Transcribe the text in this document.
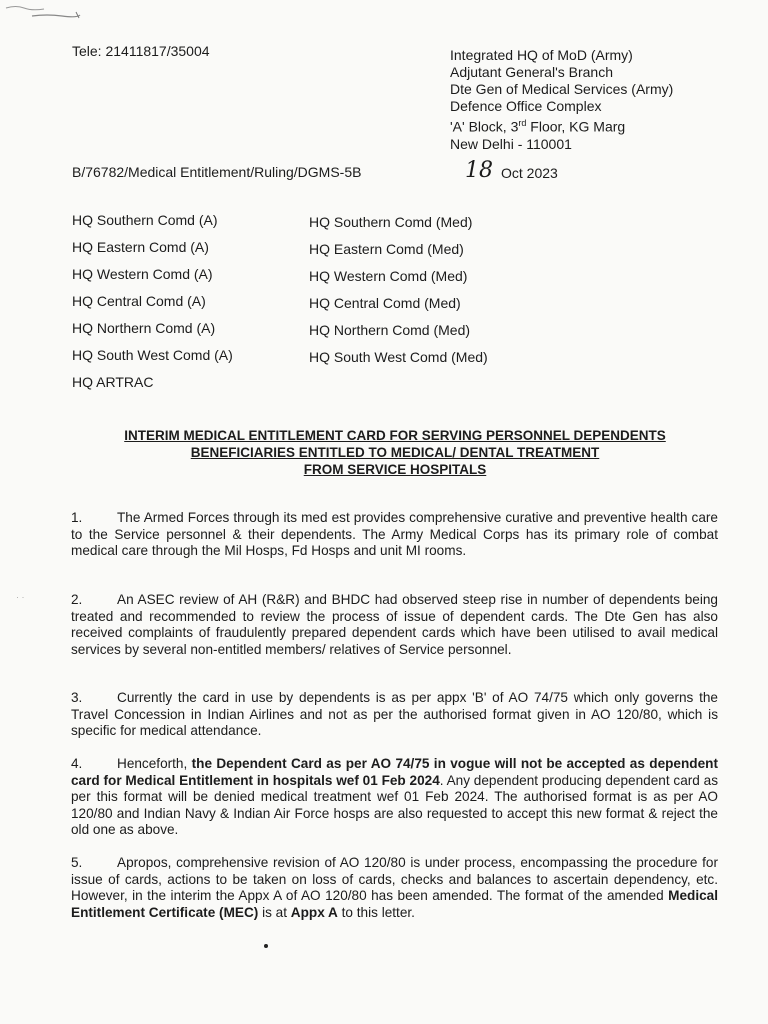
Tele: 21411817/35004	Integrated HQ of MoD (Army)
Adjutant General's Branch
Dte Gen of Medical Services (Army)
Defence Office Complex
'A' Block, 3rd Floor, KG Marg
New Delhi - 110001
B/76782/Medical Entitlement/Ruling/DGMS-5B	18 Oct 2023
HQ Southern Comd (A)
HQ Eastern Comd (A)
HQ Western Comd (A)
HQ Central Comd (A)
HQ Northern Comd (A)
HQ South West Comd (A)
HQ ARTRAC
HQ Southern Comd (Med)
HQ Eastern Comd (Med)
HQ Western Comd (Med)
HQ Central Comd (Med)
HQ Northern Comd (Med)
HQ South West Comd (Med)
INTERIM MEDICAL ENTITLEMENT CARD FOR SERVING PERSONNEL DEPENDENTS
BENEFICIARIES ENTITLED TO MEDICAL/ DENTAL TREATMENT
FROM SERVICE HOSPITALS
1.	The Armed Forces through its med est provides comprehensive curative and preventive health care to the Service personnel & their dependents. The Army Medical Corps has its primary role of combat medical care through the Mil Hosps, Fd Hosps and unit MI rooms.
2.	An ASEC review of AH (R&R) and BHDC had observed steep rise in number of dependents being treated and recommended to review the process of issue of dependent cards. The Dte Gen has also received complaints of fraudulently prepared dependent cards which have been utilised to avail medical services by several non-entitled members/ relatives of Service personnel.
3.	Currently the card in use by dependents is as per appx 'B' of AO 74/75 which only governs the Travel Concession in Indian Airlines and not as per the authorised format given in AO 120/80, which is specific for medical attendance.
4.	Henceforth, the Dependent Card as per AO 74/75 in vogue will not be accepted as dependent card for Medical Entitlement in hospitals wef 01 Feb 2024. Any dependent producing dependent card as per this format will be denied medical treatment wef 01 Feb 2024. The authorised format is as per AO 120/80 and Indian Navy & Indian Air Force hosps are also requested to accept this new format & reject the old one as above.
5.	Apropos, comprehensive revision of AO 120/80 is under process, encompassing the procedure for issue of cards, actions to be taken on loss of cards, checks and balances to ascertain dependency, etc. However, in the interim the Appx A of AO 120/80 has been amended. The format of the amended Medical Entitlement Certificate (MEC) is at Appx A to this letter.
· ·
